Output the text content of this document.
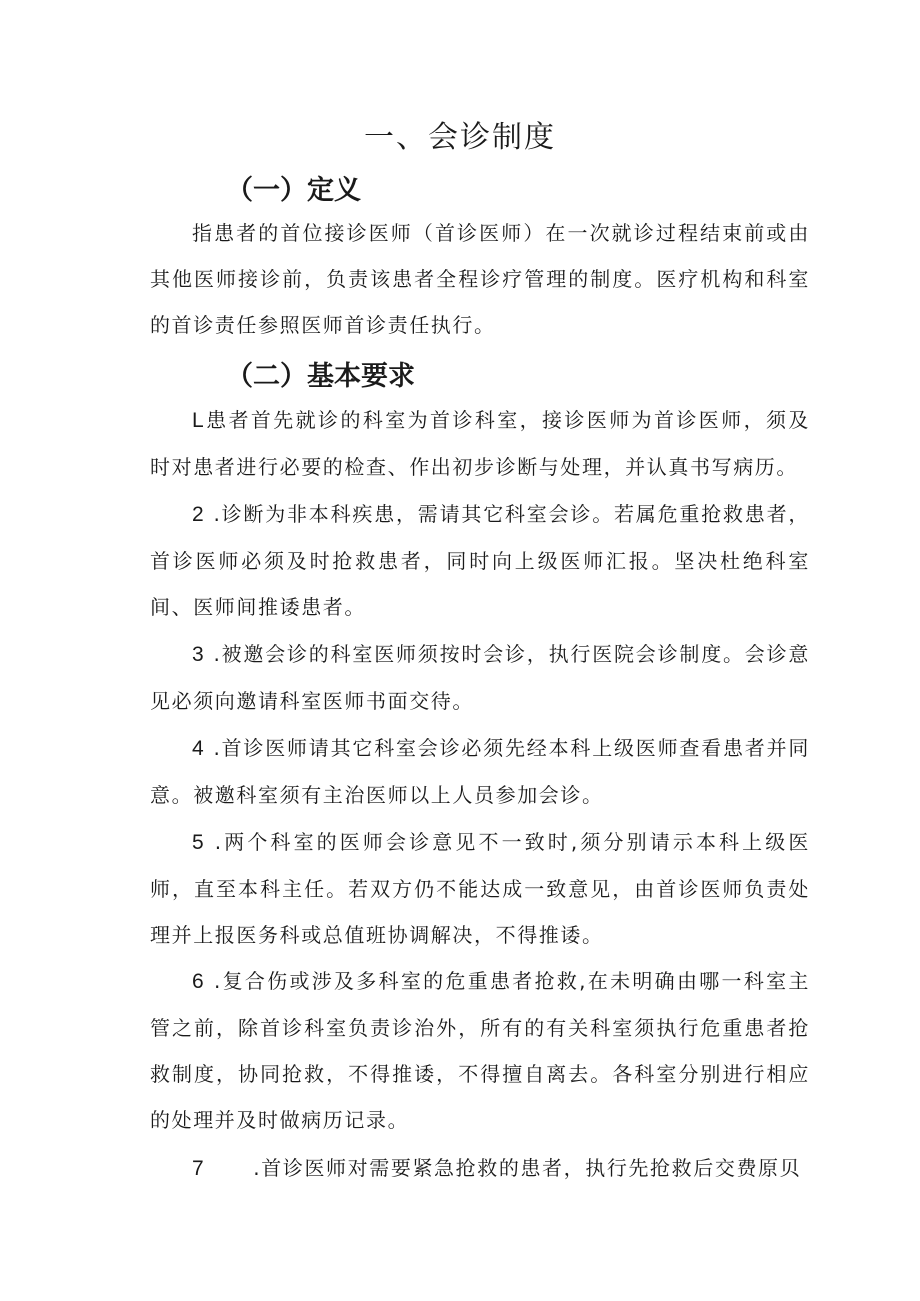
一、会诊制度
（一）定义
指患者的首位接诊医师（首诊医师）在一次就诊过程结束前或由其他医师接诊前，负责该患者全程诊疗管理的制度。医疗机构和科室的首诊责任参照医师首诊责任执行。
（二）基本要求
L患者首先就诊的科室为首诊科室，接诊医师为首诊医师，须及时对患者进行必要的检查、作出初步诊断与处理，并认真书写病历。
2 .诊断为非本科疾患，需请其它科室会诊。若属危重抢救患者，首诊医师必须及时抢救患者，同时向上级医师汇报。坚决杜绝科室间、医师间推诿患者。
3 .被邀会诊的科室医师须按时会诊，执行医院会诊制度。会诊意见必须向邀请科室医师书面交待。
4 .首诊医师请其它科室会诊必须先经本科上级医师查看患者并同意。被邀科室须有主治医师以上人员参加会诊。
5 .两个科室的医师会诊意见不一致时,须分别请示本科上级医师，直至本科主任。若双方仍不能达成一致意见，由首诊医师负责处理并上报医务科或总值班协调解决，不得推诿。
6 .复合伤或涉及多科室的危重患者抢救,在未明确由哪一科室主管之前，除首诊科室负责诊治外，所有的有关科室须执行危重患者抢救制度，协同抢救，不得推诿，不得擅自离去。各科室分别进行相应的处理并及时做病历记录。
7 .首诊医师对需要紧急抢救的患者，执行先抢救后交费原贝
